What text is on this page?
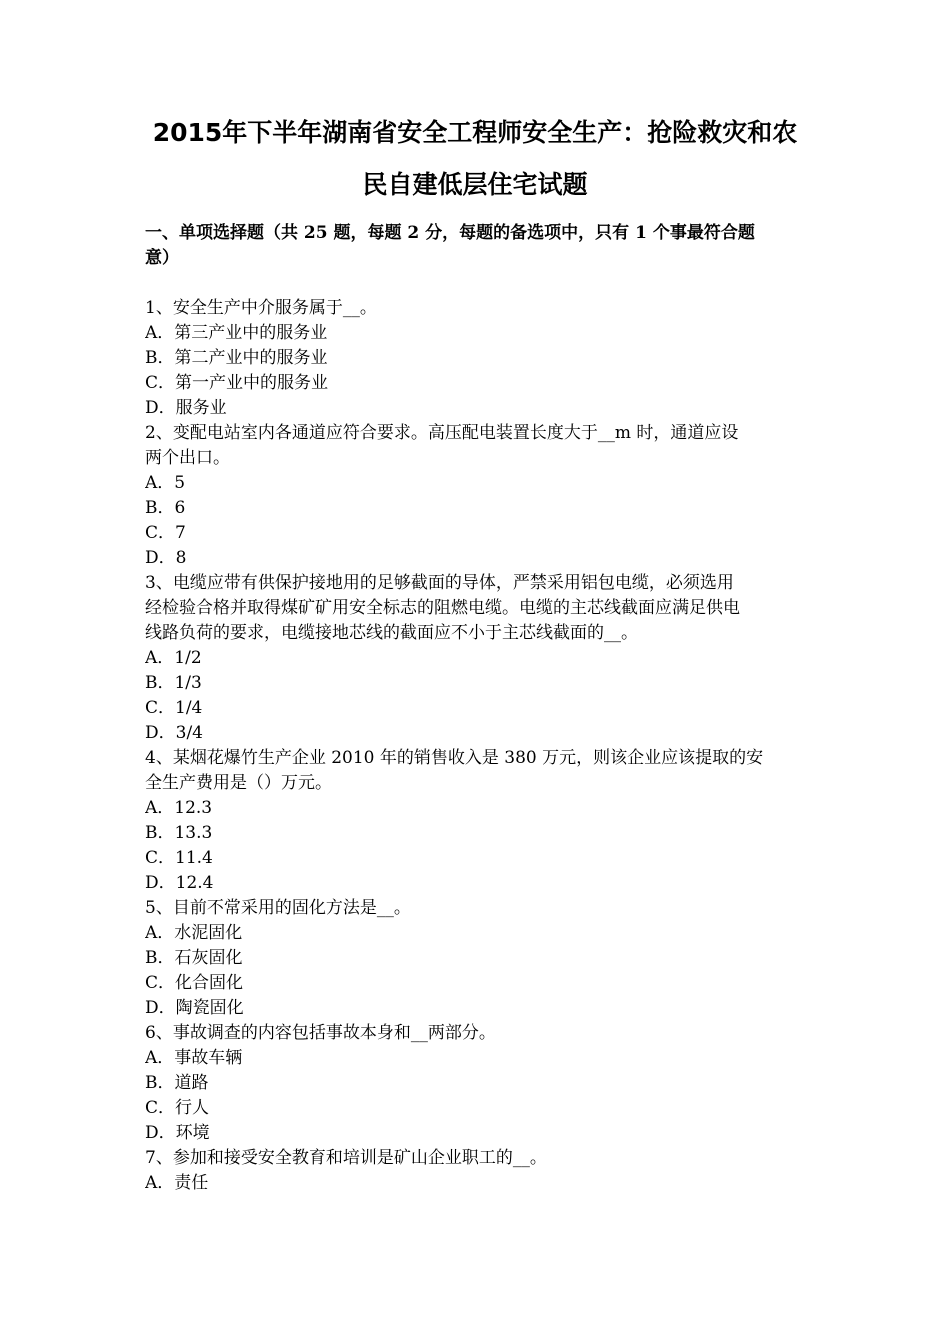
2015年下半年湖南省安全工程师安全生产：抢险救灾和农
民自建低层住宅试题
一、单项选择题（共 25 题，每题 2 分，每题的备选项中，只有 1 个事最符合题
意）
1、安全生产中介服务属于__。
A．第三产业中的服务业
B．第二产业中的服务业
C．第一产业中的服务业
D．服务业
2、变配电站室内各通道应符合要求。高压配电装置长度大于__m 时，通道应设
两个出口。
A．5
B．6
C．7
D．8
3、电缆应带有供保护接地用的足够截面的导体，严禁采用铝包电缆，必须选用
经检验合格并取得煤矿矿用安全标志的阻燃电缆。电缆的主芯线截面应满足供电
线路负荷的要求，电缆接地芯线的截面应不小于主芯线截面的__。
A．1/2
B．1/3
C．1/4
D．3/4
4、某烟花爆竹生产企业 2010 年的销售收入是 380 万元，则该企业应该提取的安
全生产费用是（）万元。
A．12.3
B．13.3
C．11.4
D．12.4
5、目前不常采用的固化方法是__。
A．水泥固化
B．石灰固化
C．化合固化
D．陶瓷固化
6、事故调查的内容包括事故本身和__两部分。
A．事故车辆
B．道路
C．行人
D．环境
7、参加和接受安全教育和培训是矿山企业职工的__。
A．责任
